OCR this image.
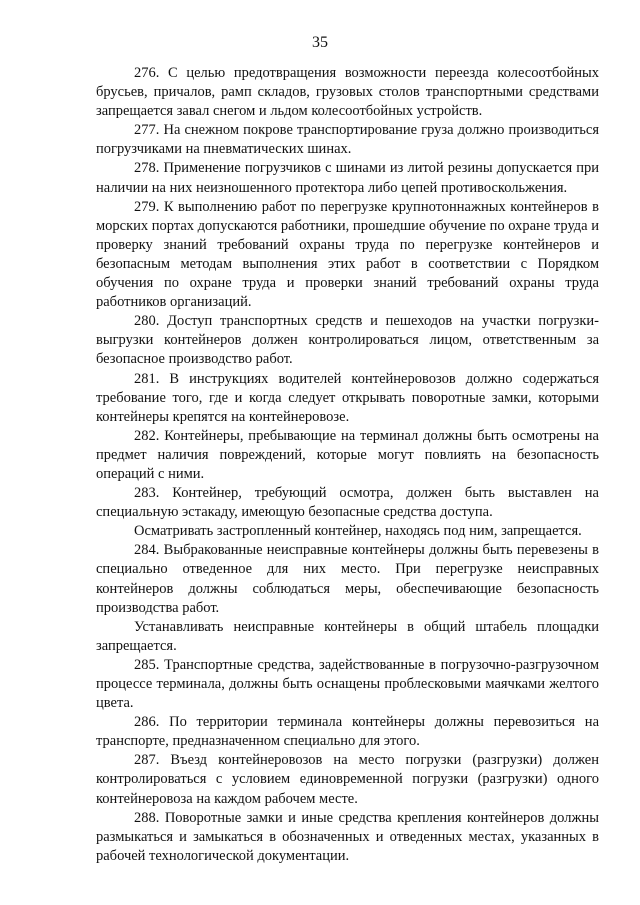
35

276. С целью предотвращения возможности переезда колесоотбойных брусьев, причалов, рамп складов, грузовых столов транспортными средствами запрещается завал снегом и льдом колесоотбойных устройств.

277. На снежном покрове транспортирование груза должно производиться погрузчиками на пневматических шинах.

278. Применение погрузчиков с шинами из литой резины допускается при наличии на них неизношенного протектора либо цепей противоскольжения.

279. К выполнению работ по перегрузке крупнотоннажных контейнеров в морских портах допускаются работники, прошедшие обучение по охране труда и проверку знаний требований охраны труда по перегрузке контейнеров и безопасным методам выполнения этих работ в соответствии с Порядком обучения по охране труда и проверки знаний требований охраны труда работников организаций.

280. Доступ транспортных средств и пешеходов на участки погрузки-выгрузки контейнеров должен контролироваться лицом, ответственным за безопасное производство работ.

281. В инструкциях водителей контейнеровозов должно содержаться требование того, где и когда следует открывать поворотные замки, которыми контейнеры крепятся на контейнеровозе.

282. Контейнеры, пребывающие на терминал должны быть осмотрены на предмет наличия повреждений, которые могут повлиять на безопасность операций с ними.

283. Контейнер, требующий осмотра, должен быть выставлен на специальную эстакаду, имеющую безопасные средства доступа.

Осматривать застропленный контейнер, находясь под ним, запрещается.

284. Выбракованные неисправные контейнеры должны быть перевезены в специально отведенное для них место. При перегрузке неисправных контейнеров должны соблюдаться меры, обеспечивающие безопасность производства работ.

Устанавливать неисправные контейнеры в общий штабель площадки запрещается.

285. Транспортные средства, задействованные в погрузочно-разгрузочном процессе терминала, должны быть оснащены проблесковыми маячками желтого цвета.

286. По территории терминала контейнеры должны перевозиться на транспорте, предназначенном специально для этого.

287. Въезд контейнеровозов на место погрузки (разгрузки) должен контролироваться с условием единовременной погрузки (разгрузки) одного контейнеровоза на каждом рабочем месте.

288. Поворотные замки и иные средства крепления контейнеров должны размыкаться и замыкаться в обозначенных и отведенных местах, указанных в рабочей технологической документации.
